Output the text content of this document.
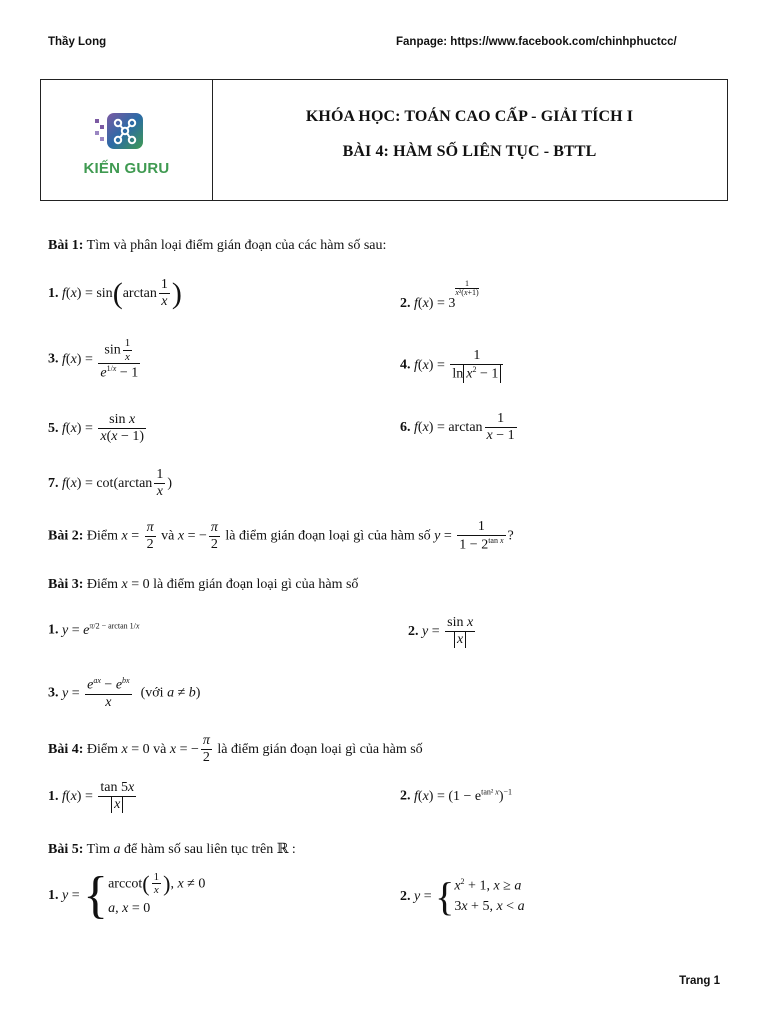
Thầy Long	Fanpage: https://www.facebook.com/chinhphuctcc/
KIẾN GURU
KHÓA HỌC: TOÁN CAO CẤP - GIẢI TÍCH I
BÀI 4: HÀM SỐ LIÊN TỤC - BTTL
Bài 1: Tìm và phân loại điểm gián đoạn của các hàm số sau:
1. $f(x) = \sin(\arctan \frac{1}{x}$ )	2. f(x) = 3
$^{\frac{1}{\text{x²(x+1)}}}$
3. $f(x) = \frac{\sin \frac{1}{x}}{e^{1/x} - 1}$	4. $f(x) = \frac{1}{\ln x^2 - 1}$
5. $f(x) = \frac{\text{sin x}}{x(x - 1)}$	6. $f(x) = \arctan \frac{1}{x - 1}$
7. $f(x) = \cot(\arctan \frac{1}{x}$ )
Bài 2: Điểm $x = \frac{\pi}{2}$ và x = − $\frac{\pi}{2}$ là điểm gián đoạn loại gì của hàm số $y = \frac{1}{1 - 2^{tan x}}$ ?
Bài 3: Điểm x = 0 là điểm gián đoạn loại gì của hàm số
1. $y = e^{\pi/2 - arctan 1/x}$	2. $y = \frac{\text{sin x}}{x}$
3. $y = \frac{e^{ax} - e^{bx}}{x}$ (với a ≠ b)
Bài 4: Điểm x = 0 và x = − $\frac{\pi}{2}$ là điểm gián đoạn loại gì của hàm số
1. $f(x) = \frac{\tan 5x}{x}$	2. $f(x) = (1 - e^{tan^2 x})^{-1}$
Bài 5: Tìm a để hàm số sau liên tục trên ℝ :
1. y = { $arccot( \frac{1}{x}$ ), x ≠ 0
a, x = 0
2. y = { $x^2 + 1$, x ≥ a
3x + 5, x < a
Trang 1
